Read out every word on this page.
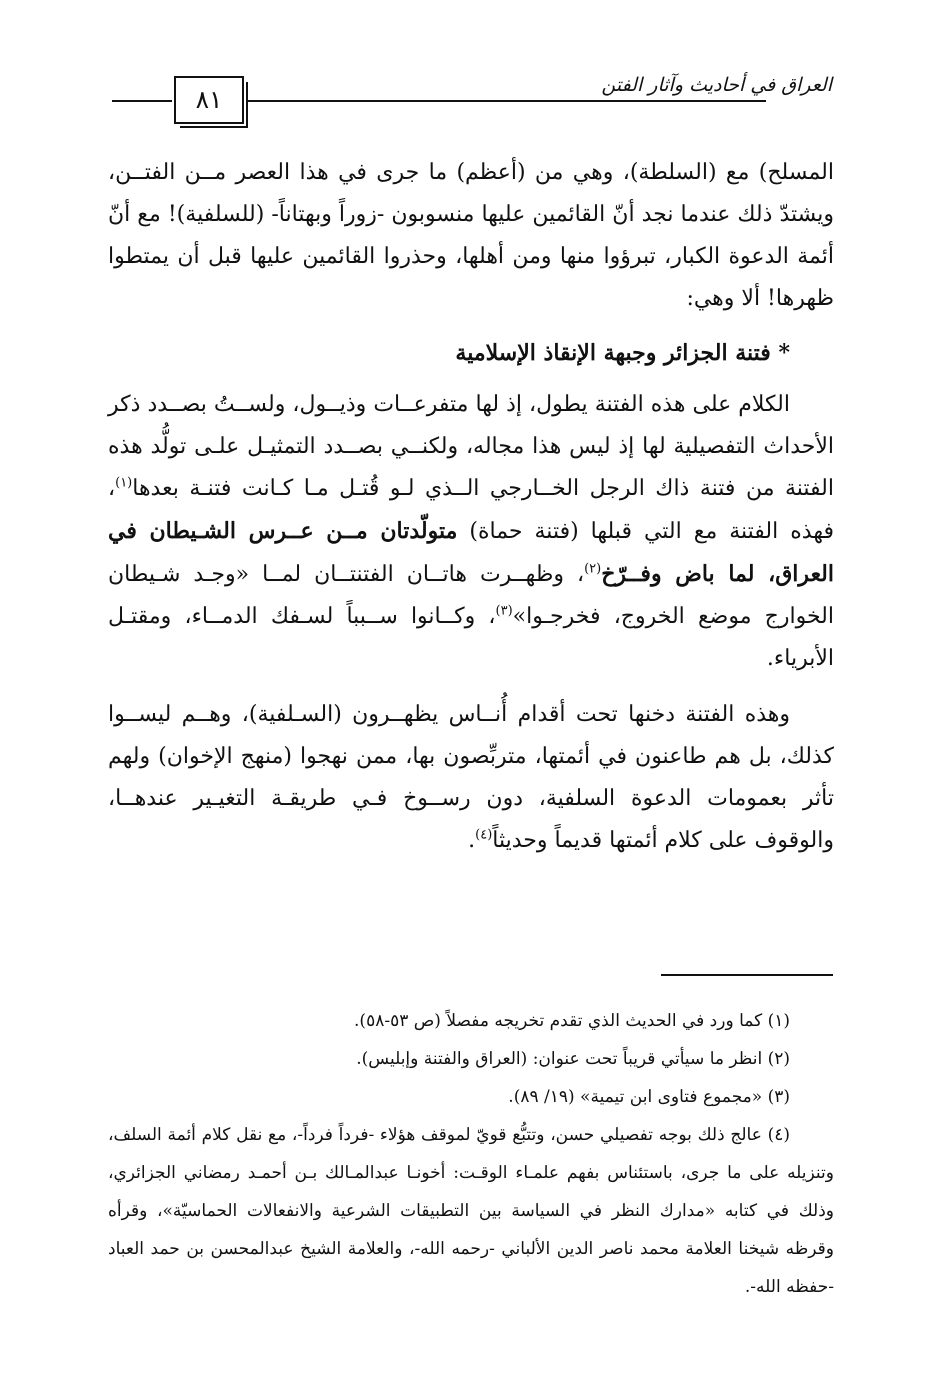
٨١	العراق في أحاديث وآثار الفتن

المسلح) مع (السلطة)، وهي من (أعظم) ما جرى في هذا العصر مــن الفتــن، ويشتدّ ذلك عندما نجد أنّ القائمين عليها منسوبون -زوراً وبهتاناً- (للسلفية)! مع أنّ أئمة الدعوة الكبار، تبرؤوا منها ومن أهلها، وحذروا القائمين عليها قبل أن يمتطوا ظهرها! ألا وهي:

* فتنة الجزائر وجبهة الإنقاذ الإسلامية

الكلام على هذه الفتنة يطول، إذ لها متفرعــات وذيــول، ولســتُ بصــدد ذكر الأحداث التفصيلية لها إذ ليس هذا مجاله، ولكنــي بصــدد التمثيـل علـى تولُّد هذه الفتنة من فتنة ذاك الرجل الخــارجي الــذي لـو قُتـل مـا كـانت فتنـة بعدها$^{(١)}$، فهذه الفتنة مع التي قبلها (فتنة حماة) متولّدتان مــن عــرس الشـيطان في العراق، لما باض وفــرّخ$^{(٢)}$، وظهــرت هاتــان الفتنتــان لمــا «وجـد شـيطان الخوارج موضع الخروج، فخرجـوا»$^{(٣)}$، وكــانوا ســبباً لسـفك الدمــاء، ومقتـل الأبرياء.

وهذه الفتنة دخنها تحت أقدام أُنــاس يظهــرون (السـلفية)، وهــم ليســوا كذلك، بل هم طاعنون في أئمتها، متربِّصون بها، ممن نهجوا (منهج الإخوان) ولهم تأثر بعمومات الدعوة السلفية، دون رســوخ فـي طريقـة التغيـير عندهــا، والوقوف على كلام أئمتها قديماً وحديثاً$^{(٤)}$.

(١) كما ورد في الحديث الذي تقدم تخريجه مفصلاً (ص ٥٣-٥٨).

(٢) انظر ما سيأتي قريباً تحت عنوان: (العراق والفتنة وإبليس).

(٣) «مجموع فتاوى ابن تيمية» (١٩/ ٨٩).

(٤) عالج ذلك بوجه تفصيلي حسن، وتتبُّع قويّ لموقف هؤلاء -فرداً فرداً-، مع نقل كلام أئمة السلف، وتنزيله على ما جرى، باستئناس بفهم علمـاء الوقـت: أخونـا عبدالمـالك بـن أحمـد رمضاني الجزائري، وذلك في كتابه «مدارك النظر في السياسة بين التطبيقات الشرعية والانفعالات الحماسيّة»، وقرأه وقرظه شيخنا العلامة محمد ناصر الدين الألباني -رحمه الله-، والعلامة الشيخ عبدالمحسن بن حمد العباد -حفظه الله-.
